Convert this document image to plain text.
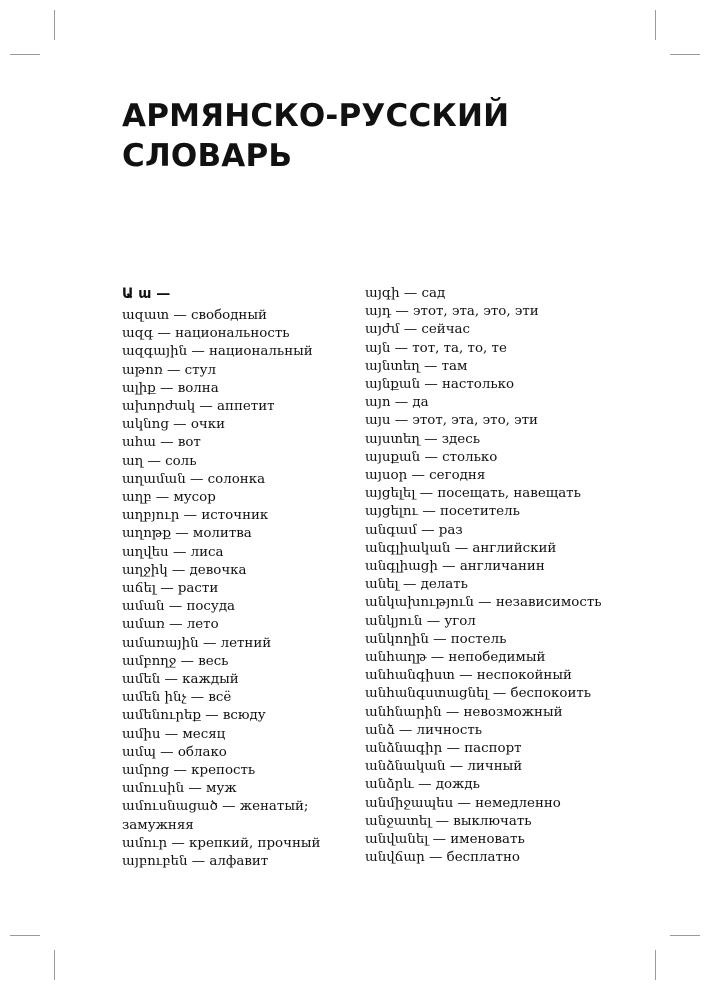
АРМЯНСКО-РУССКИЙ
СЛОВАРЬ
Ա ա —
ազատ — свободный
ազգ — национальность
ազգային — национальный
աթոռ — стул
ալիք — волна
ախորժակ — аппетит
ակնոց — очки
ահա — вот
աղ — соль
աղաման — солонка
աղբ — мусор
աղբյուր — источник
աղոթք — молитва
աղվես — лиса
աղջիկ — девочка
աճել — расти
աման — посуда
ամառ — лето
ամառային — летний
ամբողջ — весь
ամեն — каждый
ամեն ինչ — всё
ամենուրեք — всюду
ամիս — месяц
ամպ — облако
ամրոց — крепость
ամուսին — муж
ամուսնացած — женатый; замужняя
ամուր — крепкий, прочный
այբուբեն — алфавит
այգի — сад
այդ — этот, эта, это, эти
այժմ — сейчас
այն — тот, та, то, те
այնտեղ — там
այնքան — настолько
այո — да
այս — этот, эта, это, эти
այստեղ — здесь
այսքան — столько
այսօր — сегодня
այցելել — посещать, навещать
այցելու — посетитель
անգամ — раз
անգլիական — английский
անգլիացի — англичанин
անել — делать
անկախություն — независимость
անկյուն — угол
անկողին — постель
անհաղթ — непобедимый
անհանգիստ — неспокойный
անհանգստացնել — беспокоить
անհնարին — невозможный
անձ — личность
անձնագիր — паспорт
անձնական — личный
անձրև — дождь
անմիջապես — немедленно
անջատել — выключать
անվանել — именовать
անվճար — бесплатно
